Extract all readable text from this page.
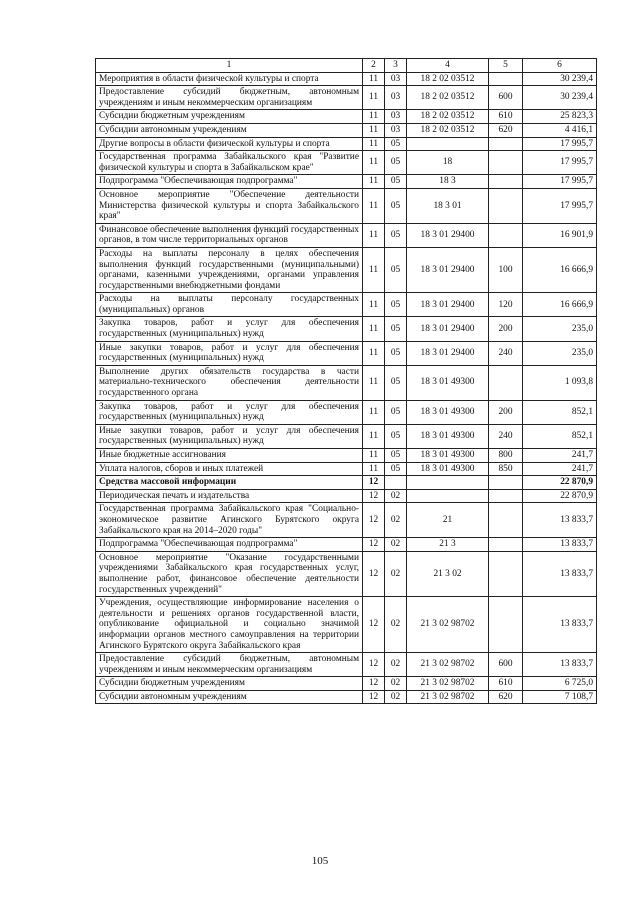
1	2	3	4	5	6
Мероприятия в области физической культуры и спорта	11	03	18 2 02 03512		30 239,4
Предоставление субсидий бюджетным, автономным учреждениям и иным некоммерческим организациям	11	03	18 2 02 03512	600	30 239,4
Субсидии бюджетным учреждениям	11	03	18 2 02 03512	610	25 823,3
Субсидии автономным учреждениям	11	03	18 2 02 03512	620	4 416,1
Другие вопросы в области физической культуры и спорта	11	05			17 995,7
Государственная программа Забайкальского края "Развитие физической культуры и спорта в Забайкальском крае"	11	05	18		17 995,7
Подпрограмма "Обеспечивающая подпрограмма"	11	05	18 3		17 995,7
Основное мероприятие "Обеспечение деятельности Министерства физической культуры и спорта Забайкальского края"	11	05	18 3 01		17 995,7
Финансовое обеспечение выполнения функций государственных органов, в том числе территориальных органов	11	05	18 3 01 29400		16 901,9
Расходы на выплаты персоналу в целях обеспечения выполнения функций государственными (муниципальными) органами, казенными учреждениями, органами управления государственными внебюджетными фондами	11	05	18 3 01 29400	100	16 666,9
Расходы на выплаты персоналу государственных (муниципальных) органов	11	05	18 3 01 29400	120	16 666,9
Закупка товаров, работ и услуг для обеспечения государственных (муниципальных) нужд	11	05	18 3 01 29400	200	235,0
Иные закупки товаров, работ и услуг для обеспечения государственных (муниципальных) нужд	11	05	18 3 01 29400	240	235,0
Выполнение других обязательств государства в части материально-технического обеспечения деятельности государственного органа	11	05	18 3 01 49300		1 093,8
Закупка товаров, работ и услуг для обеспечения государственных (муниципальных) нужд	11	05	18 3 01 49300	200	852,1
Иные закупки товаров, работ и услуг для обеспечения государственных (муниципальных) нужд	11	05	18 3 01 49300	240	852,1
Иные бюджетные ассигнования	11	05	18 3 01 49300	800	241,7
Уплата налогов, сборов и иных платежей	11	05	18 3 01 49300	850	241,7
Средства массовой информации	12				22 870,9
Периодическая печать и издательства	12	02			22 870,9
Государственная программа Забайкальского края "Социально-экономическое развитие Агинского Бурятского округа Забайкальского края на 2014–2020 годы"	12	02	21		13 833,7
Подпрограмма "Обеспечивающая подпрограмма"	12	02	21 3		13 833,7
Основное мероприятие "Оказание государственными учреждениями Забайкальского края государственных услуг, выполнение работ, финансовое обеспечение деятельности государственных учреждений"	12	02	21 3 02		13 833,7
Учреждения, осуществляющие информирование населения о деятельности и решениях органов государственной власти, опубликование официальной и социально значимой информации органов местного самоуправления на территории Агинского Бурятского округа Забайкальского края	12	02	21 3 02 98702		13 833,7
Предоставление субсидий бюджетным, автономным учреждениям и иным некоммерческим организациям	12	02	21 3 02 98702	600	13 833,7
Субсидии бюджетным учреждениям	12	02	21 3 02 98702	610	6 725,0
Субсидии автономным учреждениям	12	02	21 3 02 98702	620	7 108,7
105
